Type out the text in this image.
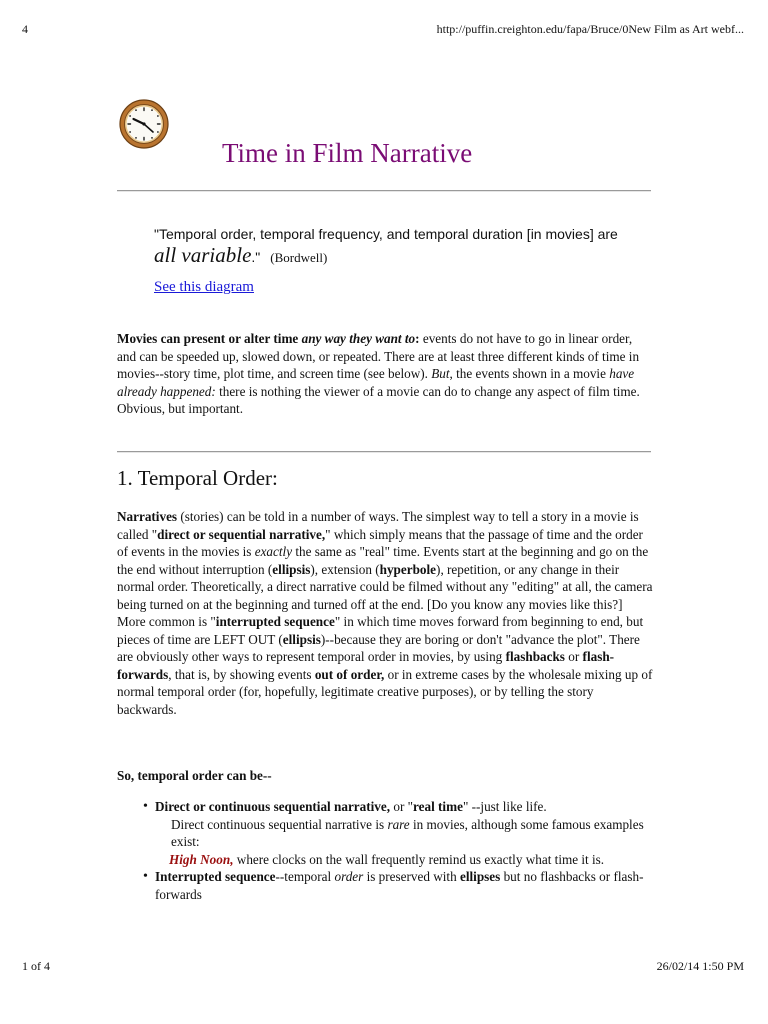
4	http://puffin.creighton.edu/fapa/Bruce/0New Film as Art webf...
Time in Film Narrative
"Temporal order, temporal frequency, and temporal duration [in movies] are all variable." (Bordwell)
See this diagram
Movies can present or alter time any way they want to: events do not have to go in linear order, and can be speeded up, slowed down, or repeated. There are at least three different kinds of time in movies--story time, plot time, and screen time (see below). But, the events shown in a movie have already happened: there is nothing the viewer of a movie can do to change any aspect of film time. Obvious, but important.
1. Temporal Order:
Narratives (stories) can be told in a number of ways. The simplest way to tell a story in a movie is called "direct or sequential narrative," which simply means that the passage of time and the order of events in the movies is exactly the same as "real" time. Events start at the beginning and go on the the end without interruption (ellipsis), extension (hyperbole), repetition, or any change in their normal order. Theoretically, a direct narrative could be filmed without any "editing" at all, the camera being turned on at the beginning and turned off at the end. [Do you know any movies like this?] More common is "interrupted sequence" in which time moves forward from beginning to end, but pieces of time are LEFT OUT (ellipsis)--because they are boring or don't "advance the plot". There are obviously other ways to represent temporal order in movies, by using flashbacks or flash-forwards, that is, by showing events out of order, or in extreme cases by the wholesale mixing up of normal temporal order (for, hopefully, legitimate creative purposes), or by telling the story backwards.
So, temporal order can be--
• Direct or continuous sequential narrative, or "real time" --just like life.
Direct continuous sequential narrative is rare in movies, although some famous examples exist:
High Noon, where clocks on the wall frequently remind us exactly what time it is.
• Interrupted sequence--temporal order is preserved with ellipses but no flashbacks or flash-forwards
1 of 4	26/02/14 1:50 PM
